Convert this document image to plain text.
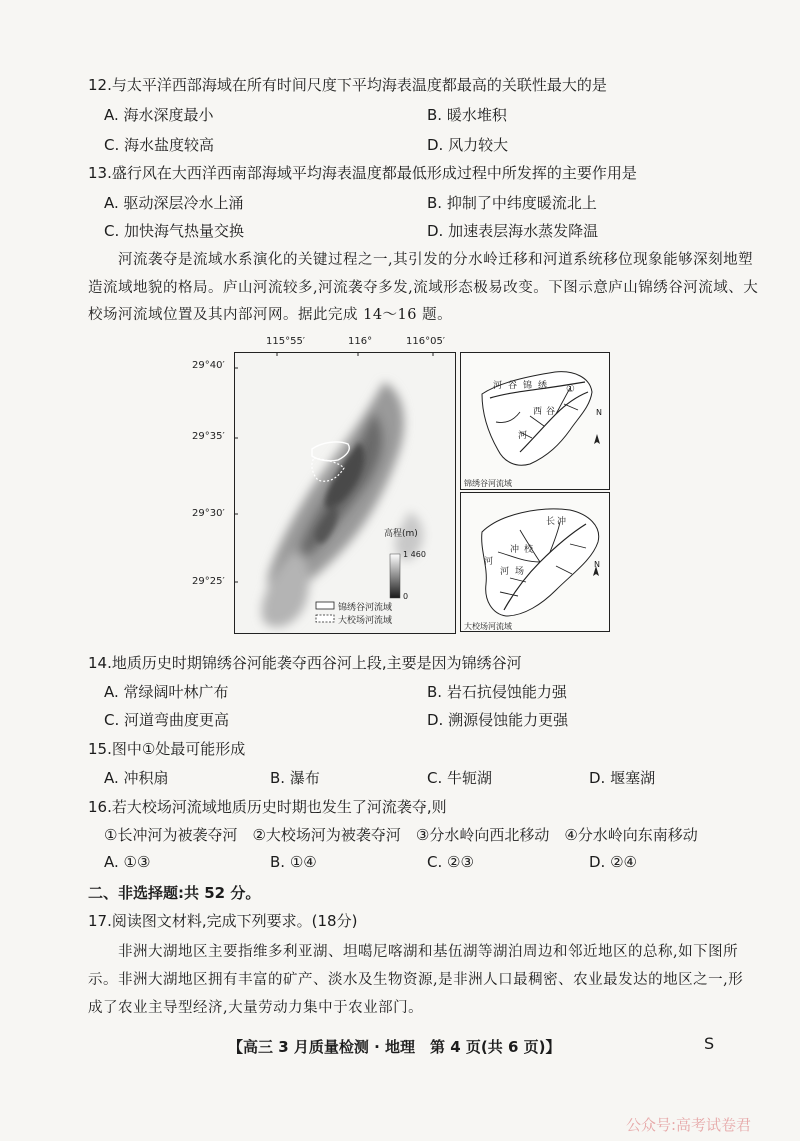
12.与太平洋西部海域在所有时间尺度下平均海表温度都最高的关联性最大的是
A. 海水深度最小	B. 暖水堆积
C. 海水盐度较高	D. 风力较大
13.盛行风在大西洋西南部海域平均海表温度都最低形成过程中所发挥的主要作用是
A. 驱动深层冷水上涌	B. 抑制了中纬度暖流北上
C. 加快海气热量交换	D. 加速表层海水蒸发降温
河流袭夺是流域水系演化的关键过程之一,其引发的分水岭迁移和河道系统移位现象能够深刻地塑
造流域地貌的格局。庐山河流较多,河流袭夺多发,流域形态极易改变。下图示意庐山锦绣谷河流域、大
校场河流域位置及其内部河网。据此完成 14～16 题。
115°55′	116°	116°05′
29°40′
29°35′
29°30′
29°25′
高程(m)
1 460
0
锦绣谷河流域
大校场河流域
河谷锦绣
西谷
河
①
N
锦绣谷河流域
长冲
冲校
河场
河	N
大校场河流域
14.地质历史时期锦绣谷河能袭夺西谷河上段,主要是因为锦绣谷河
A. 常绿阔叶林广布	B. 岩石抗侵蚀能力强
C. 河道弯曲度更高	D. 溯源侵蚀能力更强
15.图中①处最可能形成
A. 冲积扇	B. 瀑布	C. 牛轭湖	D. 堰塞湖
16.若大校场河流域地质历史时期也发生了河流袭夺,则
①长冲河为被袭夺河　②大校场河为被袭夺河　③分水岭向西北移动　④分水岭向东南移动
A. ①③	B. ①④	C. ②③	D. ②④
二、非选择题:共 52 分。
17.阅读图文材料,完成下列要求。(18分)
非洲大湖地区主要指维多利亚湖、坦噶尼喀湖和基伍湖等湖泊周边和邻近地区的总称,如下图所
示。非洲大湖地区拥有丰富的矿产、淡水及生物资源,是非洲人口最稠密、农业最发达的地区之一,形
成了农业主导型经济,大量劳动力集中于农业部门。
【高三 3 月质量检测 · 地理　第 4 页(共 6 页)】	S
公众号:高考试卷君
